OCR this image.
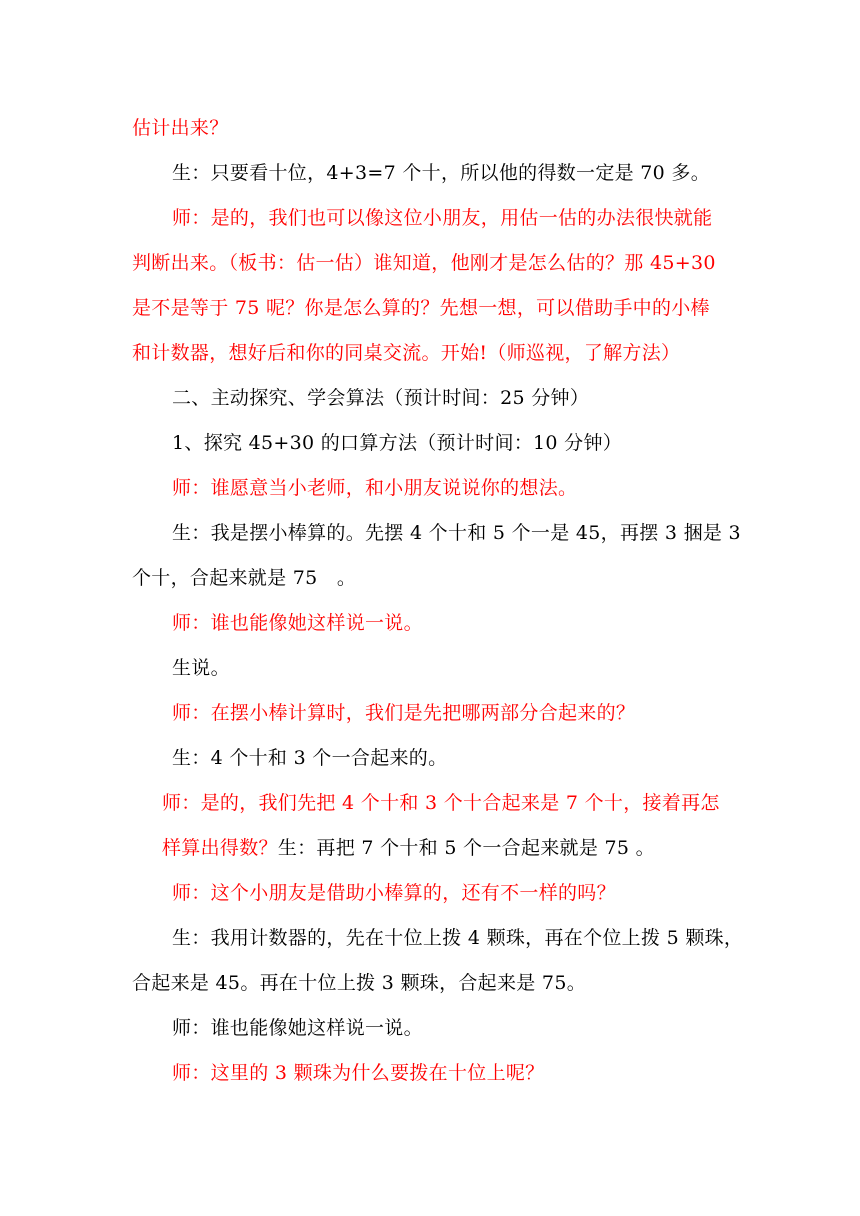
估计出来？
生：只要看十位，4+3=7 个十，所以他的得数一定是 70 多。
师：是的，我们也可以像这位小朋友，用估一估的办法很快就能
判断出来。（板书：估一估）谁知道，他刚才是怎么估的？那 45+30
是不是等于 75 呢？你是怎么算的？先想一想，可以借助手中的小棒
和计数器，想好后和你的同桌交流。开始!（师巡视，了解方法）
二、主动探究、学会算法（预计时间：25 分钟）
1、探究 45+30 的口算方法（预计时间：10 分钟）
师：谁愿意当小老师，和小朋友说说你的想法。
生：我是摆小棒算的。先摆 4 个十和 5 个一是 45，再摆 3 捆是 3
个十，合起来就是 75　。
师：谁也能像她这样说一说。
生说。
师：在摆小棒计算时，我们是先把哪两部分合起来的？
生：4 个十和 3 个一合起来的。
师：是的，我们先把 4 个十和 3 个十合起来是 7 个十，接着再怎
样算出得数？生：再把 7 个十和 5 个一合起来就是 75 。
师：这个小朋友是借助小棒算的，还有不一样的吗？
生：我用计数器的，先在十位上拨 4 颗珠，再在个位上拨 5 颗珠，
合起来是 45。再在十位上拨 3 颗珠，合起来是 75。
师：谁也能像她这样说一说。
师：这里的 3 颗珠为什么要拨在十位上呢？
